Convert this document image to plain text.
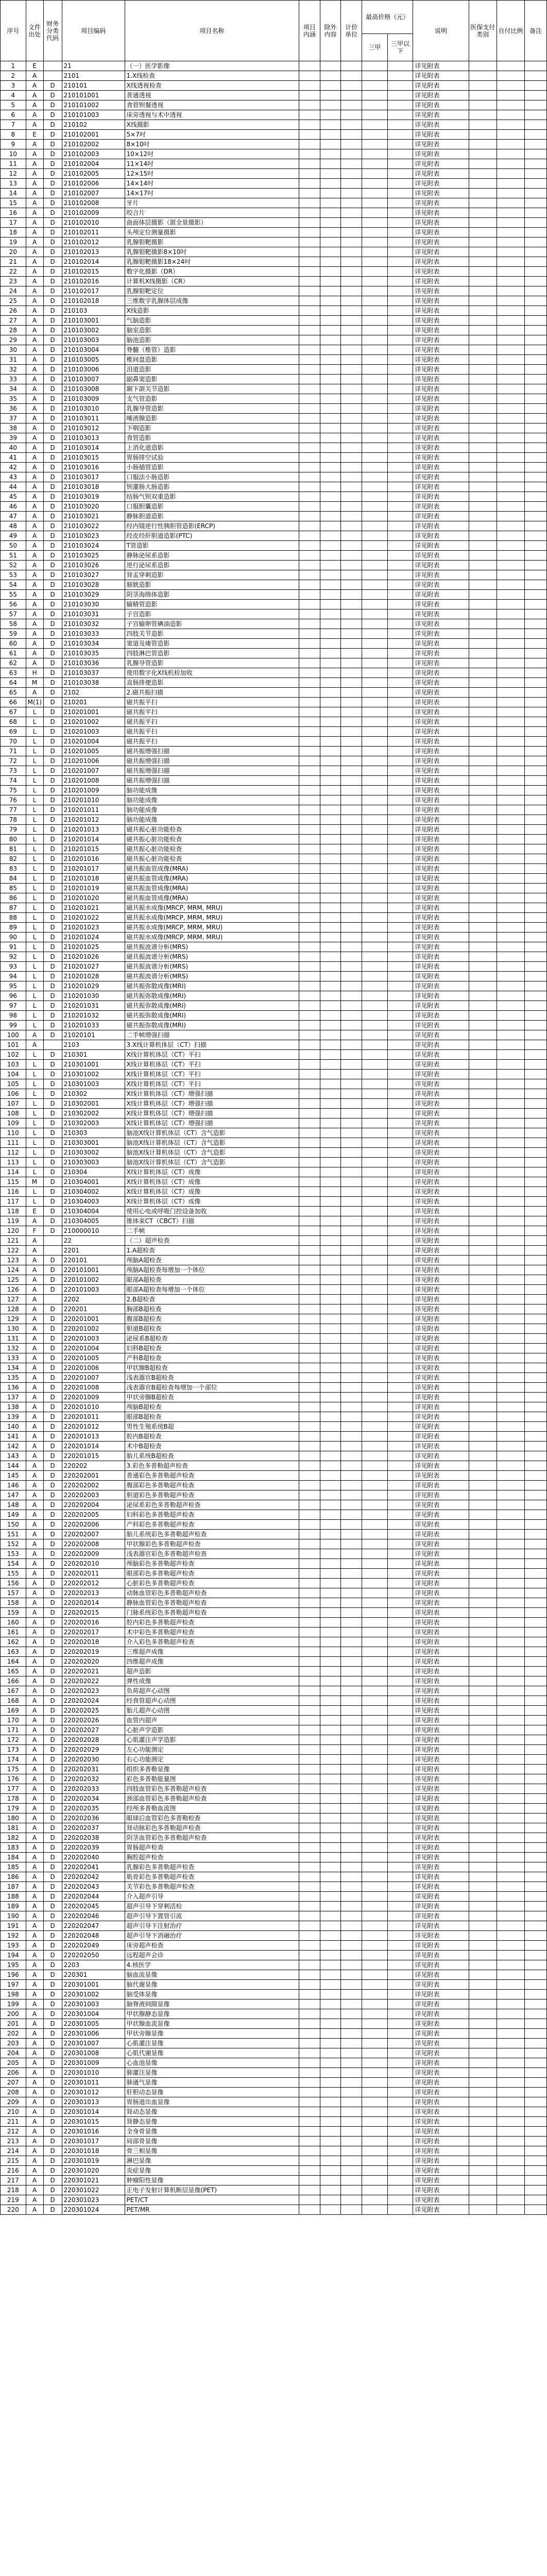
序号	文件出处	财务分类代码	项目编码	项目名称	项目内涵	除外内容	计价单位	最高价格（元）		说明	医保支付类别	自付比例	备注
								三甲	三甲以下				
1	E		21	（一）医学影像						详见附表			
2	A		2101	1.X线检查						详见附表			
3	A	D	210101	X线透视检查						详见附表			
4	A	D	210101001	普通透视						详见附表			
5	A	D	210101002	食管钡餐透视						详见附表			
6	A	D	210101003	床旁透视与术中透视						详见附表			
7	A	D	210102	X线摄影						详见附表			
8	E	D	210102001	5×7吋						详见附表			
9	A	D	210102002	8×10吋						详见附表			
10	A	D	210102003	10×12吋						详见附表			
11	A	D	210102004	11×14吋						详见附表			
12	A	D	210102005	12×15吋						详见附表			
13	A	D	210102006	14×14吋						详见附表			
14	A	D	210102007	14×17吋						详见附表			
15	A	D	210102008	牙片						详见附表			
16	A	D	210102009	咬合片						详见附表			
17	A	D	210102010	曲面体层摄影（颌全景摄影）						详见附表			
18	A	D	210102011	头颅定位测量摄影						详见附表			
19	A	D	210102012	乳腺钼靶摄影						详见附表			
20	A	D	210102013	乳腺钼靶摄影8×10吋						详见附表			
21	A	D	210102014	乳腺钼靶摄影18×24吋						详见附表			
22	A	D	210102015	数字化摄影（DR）						详见附表			
23	A	D	210102016	计算机X线摄影（CR）						详见附表			
24	A	D	210102017	乳腺钼靶定位						详见附表			
25	A	D	210102018	三维数字乳腺体层成像						详见附表			
26	A	D	210103	X线造影						详见附表			
27	A	D	210103001	气脑造影						详见附表			
28	A	D	210103002	脑室造影						详见附表			
29	A	D	210103003	脑池造影						详见附表			
30	A	D	210103004	脊髓（椎管）造影						详见附表			
31	A	D	210103005	椎间盘造影						详见附表			
32	A	D	210103006	泪道造影						详见附表			
33	A	D	210103007	副鼻窦造影						详见附表			
34	A	D	210103008	颞下颌关节造影						详见附表			
35	A	D	210103009	支气管造影						详见附表			
36	A	D	210103010	乳腺导管造影						详见附表			
37	A	D	210103011	唾液腺造影						详见附表			
38	A	D	210103012	下咽造影						详见附表			
39	A	D	210103013	食管造影						详见附表			
40	A	D	210103014	上消化道造影						详见附表			
41	A	D	210103015	胃肠排空试验						详见附表			
42	A	D	210103016	小肠插管造影						详见附表			
43	A	D	210103017	口服法小肠造影						详见附表			
44	A	D	210103018	钡灌肠大肠造影						详见附表			
45	A	D	210103019	结肠气钡双重造影						详见附表			
46	A	D	210103020	口服胆囊造影						详见附表			
47	A	D	210103021	静脉胆道造影						详见附表			
48	A	D	210103022	经内镜逆行性胰胆管造影(ERCP)						详见附表			
49	A	D	210103023	经皮经肝胆道造影(PTC)						详见附表			
50	A	D	210103024	T管造影						详见附表			
51	A	D	210103025	静脉泌尿系造影						详见附表			
52	A	D	210103026	逆行泌尿系造影						详见附表			
53	A	D	210103027	肾盂穿刺造影						详见附表			
54	A	D	210103028	膀胱造影						详见附表			
55	A	D	210103029	阴茎海绵体造影						详见附表			
56	A	D	210103030	输精管造影						详见附表			
57	A	D	210103031	子宫造影						详见附表			
58	A	D	210103032	子宫输卵管碘油造影						详见附表			
59	A	D	210103033	四肢关节造影						详见附表			
60	A	D	210103034	窦道及瘘管造影						详见附表			
61	A	D	210103035	四肢淋巴管造影						详见附表			
62	A	D	210103036	乳腺导管造影						详见附表			
63	H	D	210103037	使用数字化X线机检加收						详见附表			
64	M	D	210103038	直肠排便造影						详见附表			
65	A	D	2102	2.磁共振扫描						详见附表			
66	M(1)	D	210201	磁共振平扫						详见附表			
67	L	D	210201001	磁共振平扫						详见附表			
68	L	D	210201002	磁共振平扫						详见附表			
69	L	D	210201003	磁共振平扫						详见附表			
70	L	D	210201004	磁共振平扫						详见附表			
71	L	D	210201005	磁共振增强扫描						详见附表			
72	L	D	210201006	磁共振增强扫描						详见附表			
73	L	D	210201007	磁共振增强扫描						详见附表			
74	L	D	210201008	磁共振增强扫描						详见附表			
75	L	D	210201009	脑功能成像						详见附表			
76	L	D	210201010	脑功能成像						详见附表			
77	L	D	210201011	脑功能成像						详见附表			
78	L	D	210201012	脑功能成像						详见附表			
79	L	D	210201013	磁共振心脏功能检查						详见附表			
80	L	D	210201014	磁共振心脏功能检查						详见附表			
81	L	D	210201015	磁共振心脏功能检查						详见附表			
82	L	D	210201016	磁共振心脏功能检查						详见附表			
83	L	D	210201017	磁共振血管成像(MRA)						详见附表			
84	L	D	210201018	磁共振血管成像(MRA)						详见附表			
85	L	D	210201019	磁共振血管成像(MRA)						详见附表			
86	L	D	210201020	磁共振血管成像(MRA)						详见附表			
87	L	D	210201021	磁共振水成像(MRCP, MRM, MRU)						详见附表			
88	L	D	210201022	磁共振水成像(MRCP, MRM, MRU)						详见附表			
89	L	D	210201023	磁共振水成像(MRCP, MRM, MRU)						详见附表			
90	L	D	210201024	磁共振水成像(MRCP, MRM, MRU)						详见附表			
91	L	D	210201025	磁共振波谱分析(MRS)						详见附表			
92	L	D	210201026	磁共振波谱分析(MRS)						详见附表			
93	L	D	210201027	磁共振波谱分析(MRS)						详见附表			
94	L	D	210201028	磁共振波谱分析(MRS)						详见附表			
95	L	D	210201029	磁共振弥散成像(MRI)						详见附表			
96	L	D	210201030	磁共振弥散成像(MRI)						详见附表			
97	L	D	210201031	磁共振弥散成像(MRI)						详见附表			
98	L	D	210201032	磁共振弥散成像(MRI)						详见附表			
99	L	D	210201033	磁共振弥散成像(MRI)						详见附表			
100	A	D	21020101	二手帧增强扫描						详见附表			
101	A		2103	3.X线计算机体层（CT）扫描						详见附表			
102	L	D	210301	X线计算机体层（CT）平扫						详见附表			
103	L	D	210301001	X线计算机体层（CT）平扫						详见附表			
104	L	D	210301002	X线计算机体层（CT）平扫						详见附表			
105	L	D	210301003	X线计算机体层（CT）平扫						详见附表			
106	L	D	210302	X线计算机体层（CT）增强扫描						详见附表			
107	L	D	210302001	X线计算机体层（CT）增强扫描						详见附表			
108	L	D	210302002	X线计算机体层（CT）增强扫描						详见附表			
109	L	D	210302003	X线计算机体层（CT）增强扫描						详见附表			
110	L	D	210303	脑池X线计算机体层（CT）含气造影						详见附表			
111	L	D	210303001	脑池X线计算机体层（CT）含气造影						详见附表			
112	L	D	210303002	脑池X线计算机体层（CT）含气造影						详见附表			
113	L	D	210303003	脑池X线计算机体层（CT）含气造影						详见附表			
114	L	D	210304	X线计算机体层（CT）成像						详见附表			
115	M	D	210304001	X线计算机体层（CT）成像						详见附表			
116	L	D	210304002	X线计算机体层（CT）成像						详见附表			
117	L	D	210304003	X线计算机体层（CT）成像						详见附表			
118	E	D	210304004	使用心电或呼吸门控设备加收						详见附表			
119	A	D	210304005	锥体束CT（CBCT）扫描						详见附表			
120	F	D	210000010	二手帧						详见附表			
121	A		22	（二）超声检查						详见附表			
122	A		2201	1.A超检查						详见附表			
123	A	D	220101	颅脑A超检查						详见附表			
124	A	D	220101001	颅脑A超检查每增加一个体位						详见附表			
125	A	D	220101002	眼部A超检查						详见附表			
126	A	D	220101003	眼部A超检查每增加一个体位						详见附表			
127	A		2202	2.B超检查						详见附表			
128	A	D	220201	胸部B超检查						详见附表			
129	A	D	220201001	腹部B超检查						详见附表			
130	A	D	220201002	胆道B超检查						详见附表			
131	A	D	220201003	泌尿系B超检查						详见附表			
132	A	D	220201004	妇科B超检查						详见附表			
133	A	D	220201005	产科B超检查						详见附表			
134	A	D	220201006	甲状腺B超检查						详见附表			
135	A	D	220201007	浅表器官B超检查						详见附表			
136	A	D	220201008	浅表器官B超检查每增加一个部位						详见附表			
137	A	D	220201009	甲状旁腺B超检查						详见附表			
138	A	D	220201010	颅脑B超检查						详见附表			
139	A	D	220201011	眼部B超检查						详见附表			
140	A	D	220201012	男性生殖系统B超						详见附表			
141	A	D	220201013	腔内B超检查						详见附表			
142	A	D	220201014	术中B超检查						详见附表			
143	A	D	220201015	胎儿系统B超检查						详见附表			
144	A	D	220202	3.彩色多普勒超声检查						详见附表			
145	A	D	220202001	普通彩色多普勒超声检查						详见附表			
146	A	D	220202002	腹部彩色多普勒超声检查						详见附表			
147	A	D	220202003	胆道彩色多普勒超声检查						详见附表			
148	A	D	220202004	泌尿系彩色多普勒超声检查						详见附表			
149	A	D	220202005	妇科彩色多普勒超声检查						详见附表			
150	A	D	220202006	产科彩色多普勒超声检查						详见附表			
151	A	D	220202007	胎儿系统彩色多普勒超声检查						详见附表			
152	A	D	220202008	甲状腺彩色多普勒超声检查						详见附表			
153	A	D	220202009	浅表器官彩色多普勒超声检查						详见附表			
154	A	D	220202010	颅脑彩色多普勒超声检查						详见附表			
155	A	D	220202011	眼部彩色多普勒超声检查						详见附表			
156	A	D	220202012	心脏彩色多普勒超声检查						详见附表			
157	A	D	220202013	动脉血管彩色多普勒超声检查						详见附表			
158	A	D	220202014	静脉血管彩色多普勒超声检查						详见附表			
159	A	D	220202015	门脉系统彩色多普勒超声检查						详见附表			
160	A	D	220202016	腔内彩色多普勒超声检查						详见附表			
161	A	D	220202017	术中彩色多普勒超声检查						详见附表			
162	A	D	220202018	介入彩色多普勒超声检查						详见附表			
163	A	D	220202019	三维超声成像						详见附表			
164	A	D	220202020	四维超声成像						详见附表			
165	A	D	220202021	超声造影						详见附表			
166	A	D	220202022	弹性成像						详见附表			
167	A	D	220202023	负荷超声心动图						详见附表			
168	A	D	220202024	经食管超声心动图						详见附表			
169	A	D	220202025	胎儿超声心动图						详见附表			
170	A	D	220202026	血管内超声						详见附表			
171	A	D	220202027	心脏声学造影						详见附表			
172	A	D	220202028	心肌灌注声学造影						详见附表			
173	A	D	220202029	左心功能测定						详见附表			
174	A	D	220202030	右心功能测定						详见附表			
175	A	D	220202031	组织多普勒显像						详见附表			
176	A	D	220202032	彩色多普勒能量图						详见附表			
177	A	D	220202033	四肢血管彩色多普勒超声检查						详见附表			
178	A	D	220202034	颈部血管彩色多普勒超声检查						详见附表			
179	A	D	220202035	经颅多普勒血流图						详见附表			
180	A	D	220202036	眼球后血管彩色多普勒检查						详见附表			
181	A	D	220202037	肾动脉彩色多普勒超声检查						详见附表			
182	A	D	220202038	阴茎血管彩色多普勒超声检查						详见附表			
183	A	D	220202039	胃肠超声检查						详见附表			
184	A	D	220202040	胸腔超声检查						详见附表			
185	A	D	220202041	乳腺彩色多普勒超声检查						详见附表			
186	A	D	220202042	肌骨彩色多普勒超声检查						详见附表			
187	A	D	220202043	关节彩色多普勒超声检查						详见附表			
188	A	D	220202044	介入超声引导						详见附表			
189	A	D	220202045	超声引导下穿刺活检						详见附表			
190	A	D	220202046	超声引导下置管引流						详见附表			
191	A	D	220202047	超声引导下注射治疗						详见附表			
192	A	D	220202048	超声引导下消融治疗						详见附表			
193	A	D	220202049	床旁超声检查						详见附表			
194	A	D	220202050	远程超声会诊						详见附表			
195	A	D	2203	4.核医学						详见附表			
196	A	D	220301	脑血流显像						详见附表			
197	A	D	220301001	脑代谢显像						详见附表			
198	A	D	220301002	脑受体显像						详见附表			
199	A	D	220301003	脑脊液间隙显像						详见附表			
200	A	D	220301004	甲状腺静态显像						详见附表			
201	A	D	220301005	甲状腺血流显像						详见附表			
202	A	D	220301006	甲状旁腺显像						详见附表			
203	A	D	220301007	心肌灌注显像						详见附表			
204	A	D	220301008	心肌代谢显像						详见附表			
205	A	D	220301009	心血池显像						详见附表			
206	A	D	220301010	肺灌注显像						详见附表			
207	A	D	220301011	肺通气显像						详见附表			
208	A	D	220301012	肝胆动态显像						详见附表			
209	A	D	220301013	胃肠道出血显像						详见附表			
210	A	D	220301014	肾动态显像						详见附表			
211	A	D	220301015	肾静态显像						详见附表			
212	A	D	220301016	全身骨显像						详见附表			
213	A	D	220301017	局部骨显像						详见附表			
214	A	D	220301018	骨三相显像						详见附表			
215	A	D	220301019	淋巴显像						详见附表			
216	A	D	220301020	炎症显像						详见附表			
217	A	D	220301021	肿瘤阳性显像						详见附表			
218	A	D	220301022	正电子发射计算机断层显像(PET)						详见附表			
219	A	D	220301023	PET/CT						详见附表			
220	A	D	220301024	PET/MR						详见附表			
